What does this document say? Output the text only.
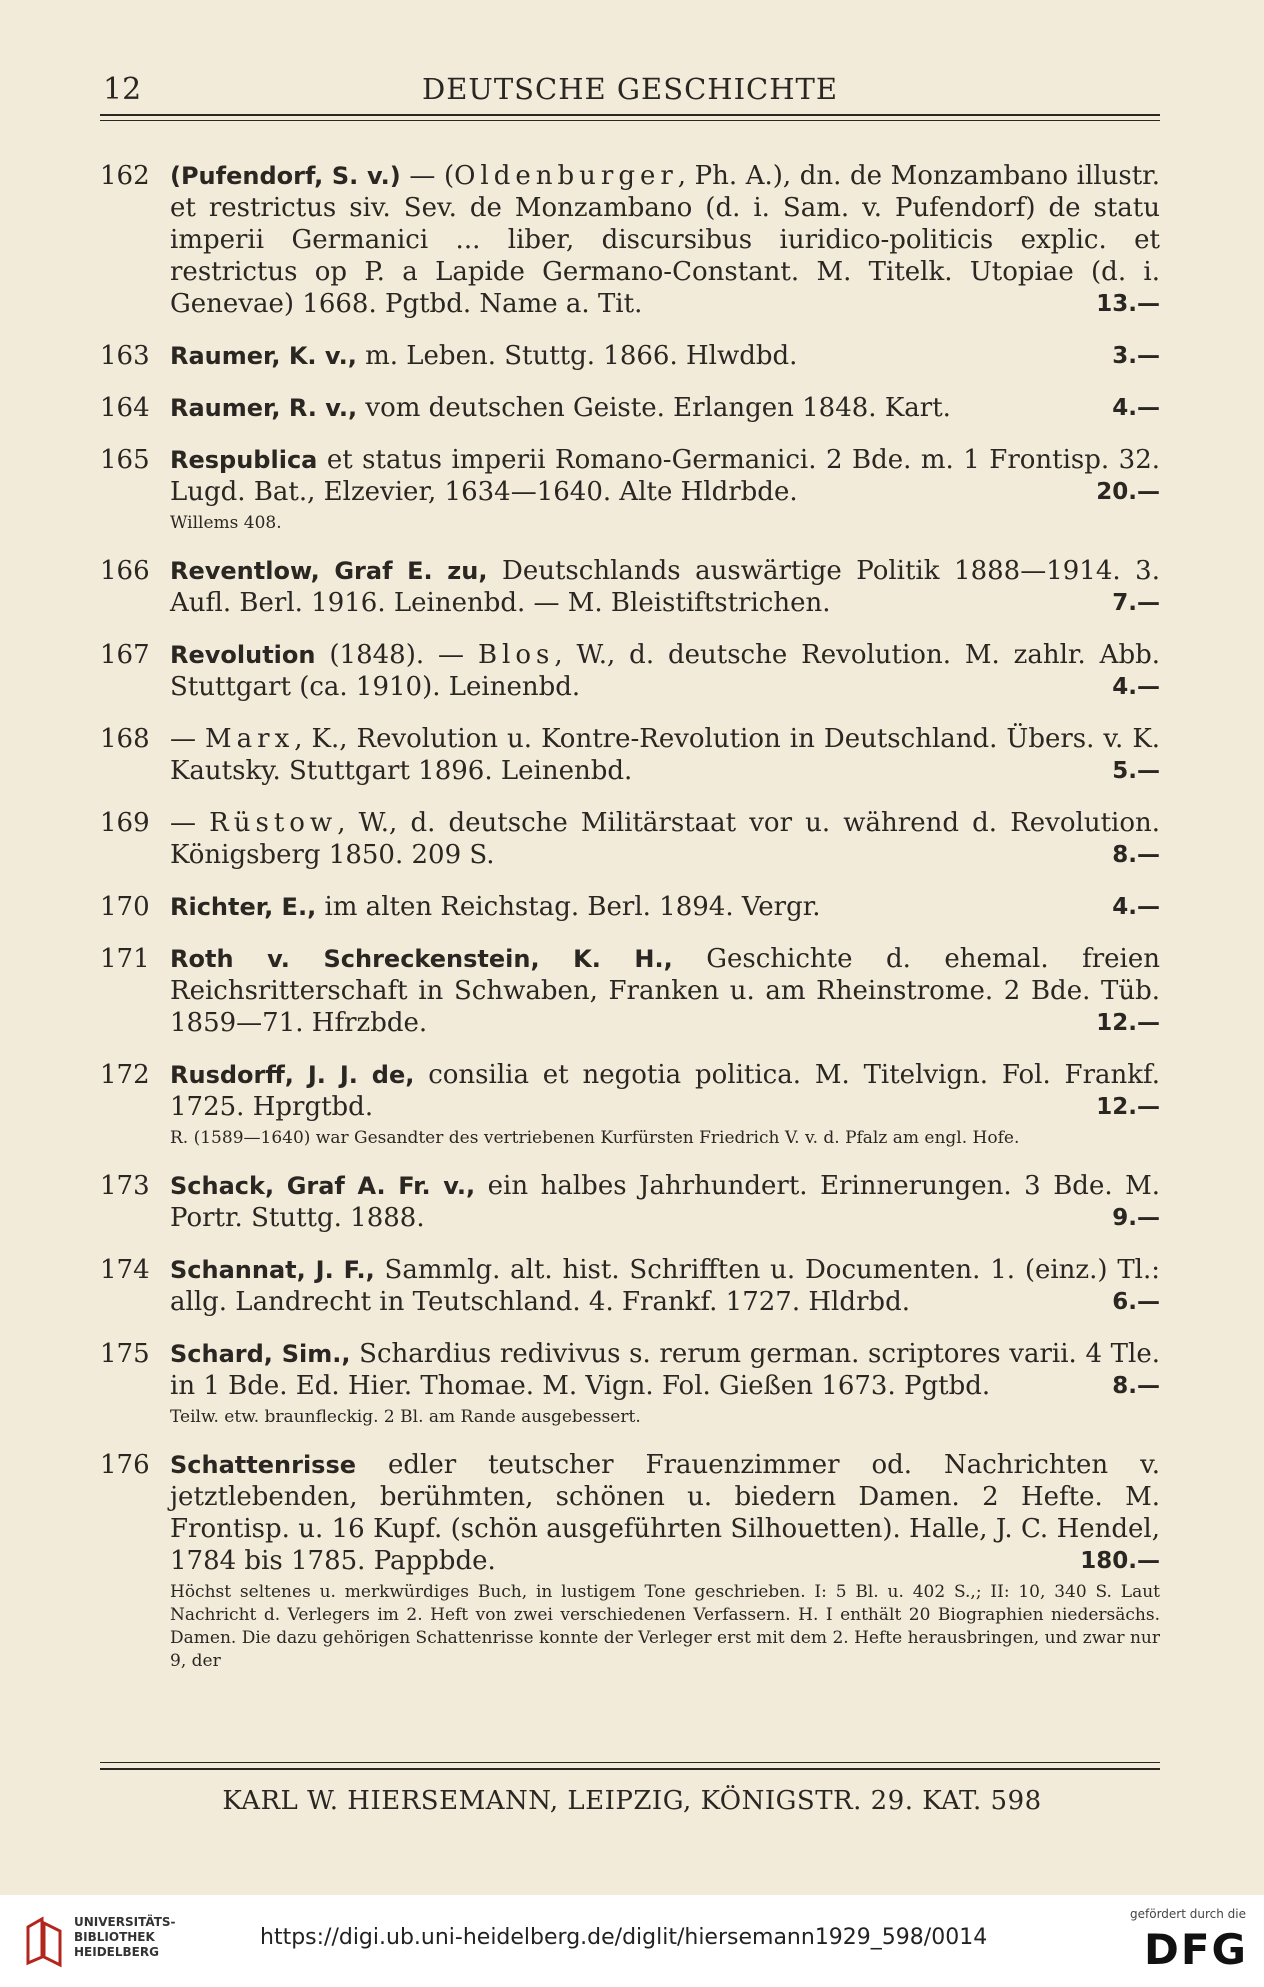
12	DEUTSCHE GESCHICHTE
162 (Pufendorf, S. v.) — (Oldenburger, Ph. A.), dn. de Monzambano illustr. et restrictus siv. Sev. de Monzambano (d. i. Sam. v. Pufendorf) de statu imperii Germanici ... liber, discursibus iuridico-politicis explic. et restrictus op P. a Lapide Germano-Constant. M. Titelk. Utopiae (d. i. Genevae) 1668. Pgtbd. Name a. Tit.	13.—
163 Raumer, K. v., m. Leben. Stuttg. 1866. Hlwdbd.	3.—
164 Raumer, R. v., vom deutschen Geiste. Erlangen 1848. Kart.	4.—
165 Respublica et status imperii Romano-Germanici. 2 Bde. m. 1 Frontisp. 32. Lugd. Bat., Elzevier, 1634—1640. Alte Hldrbde.	20.—
Willems 408.
166 Reventlow, Graf E. zu, Deutschlands auswärtige Politik 1888—1914. 3. Aufl. Berl. 1916. Leinenbd. — M. Bleistiftstrichen.	7.—
167 Revolution (1848). — Blos, W., d. deutsche Revolution. M. zahlr. Abb. Stuttgart (ca. 1910). Leinenbd.	4.—
168 — Marx, K., Revolution u. Kontre-Revolution in Deutschland. Übers. v. K. Kautsky. Stuttgart 1896. Leinenbd.	5.—
169 — Rüstow, W., d. deutsche Militärstaat vor u. während d. Revolution. Königsberg 1850. 209 S.	8.—
170 Richter, E., im alten Reichstag. Berl. 1894. Vergr.	4.—
171 Roth v. Schreckenstein, K. H., Geschichte d. ehemal. freien Reichsritterschaft in Schwaben, Franken u. am Rheinstrome. 2 Bde. Tüb. 1859—71. Hfrzbde.	12.—
172 Rusdorff, J. J. de, consilia et negotia politica. M. Titelvign. Fol. Frankf. 1725. Hprgtbd.	12.—
R. (1589—1640) war Gesandter des vertriebenen Kurfürsten Friedrich V. v. d. Pfalz am engl. Hofe.
173 Schack, Graf A. Fr. v., ein halbes Jahrhundert. Erinnerungen. 3 Bde. M. Portr. Stuttg. 1888.	9.—
174 Schannat, J. F., Sammlg. alt. hist. Schrifften u. Documenten. 1. (einz.) Tl.: allg. Landrecht in Teutschland. 4. Frankf. 1727. Hldrbd.	6.—
175 Schard, Sim., Schardius redivivus s. rerum german. scriptores varii. 4 Tle. in 1 Bde. Ed. Hier. Thomae. M. Vign. Fol. Gießen 1673. Pgtbd.	8.—
Teilw. etw. braunfleckig. 2 Bl. am Rande ausgebessert.
176 Schattenrisse edler teutscher Frauenzimmer od. Nachrichten v. jetztlebenden, berühmten, schönen u. biedern Damen. 2 Hefte. M. Frontisp. u. 16 Kupf. (schön ausgeführten Silhouetten). Halle, J. C. Hendel, 1784 bis 1785. Pappbde.	180.—
Höchst seltenes u. merkwürdiges Buch, in lustigem Tone geschrieben. I: 5 Bl. u. 402 S.,; II: 10, 340 S. Laut Nachricht d. Verlegers im 2. Heft von zwei verschiedenen Verfassern. H. I enthält 20 Biographien niedersächs. Damen. Die dazu gehörigen Schattenrisse konnte der Verleger erst mit dem 2. Hefte herausbringen, und zwar nur 9, der
KARL W. HIERSEMANN, LEIPZIG, KÖNIGSTR. 29. KAT. 598
UNIVERSITÄTS-
BIBLIOTHEK
HEIDELBERG
https://digi.ub.uni-heidelberg.de/diglit/hiersemann1929_598/0014
gefördert durch die
DFG
